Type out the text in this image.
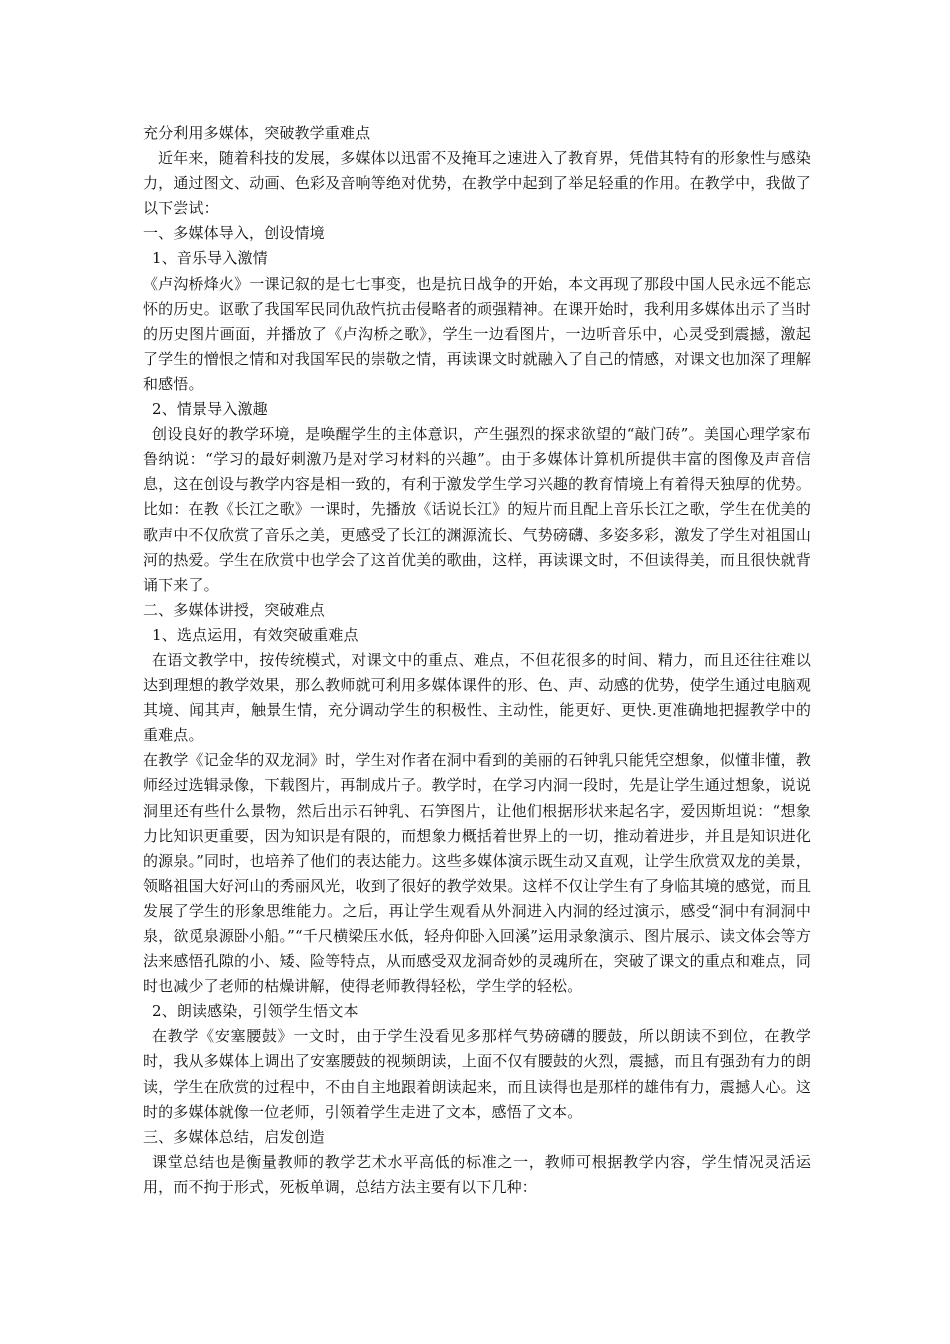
充分利用多媒体，突破教学重难点

近年来，随着科技的发展，多媒体以迅雷不及掩耳之速进入了教育界，凭借其特有的形象性与感染力，通过图文、动画、色彩及音响等绝对优势，在教学中起到了举足轻重的作用。在教学中，我做了以下尝试：

一、多媒体导入，创设情境

1、音乐导入激情

《卢沟桥烽火》一课记叙的是七七事变，也是抗日战争的开始，本文再现了那段中国人民永远不能忘怀的历史。讴歌了我国军民同仇敌忾抗击侵略者的顽强精神。在课开始时，我利用多媒体出示了当时的历史图片画面，并播放了《卢沟桥之歌》，学生一边看图片，一边听音乐中，心灵受到震撼，激起了学生的憎恨之情和对我国军民的崇敬之情，再读课文时就融入了自己的情感，对课文也加深了理解和感悟。

2、情景导入激趣

创设良好的教学环境，是唤醒学生的主体意识，产生强烈的探求欲望的“敲门砖”。美国心理学家布鲁纳说：“学习的最好刺激乃是对学习材料的兴趣”。由于多媒体计算机所提供丰富的图像及声音信息，这在创设与教学内容是相一致的，有利于激发学生学习兴趣的教育情境上有着得天独厚的优势。比如：在教《长江之歌》一课时，先播放《话说长江》的短片而且配上音乐长江之歌，学生在优美的歌声中不仅欣赏了音乐之美，更感受了长江的渊源流长、气势磅礴、多姿多彩，激发了学生对祖国山河的热爱。学生在欣赏中也学会了这首优美的歌曲，这样，再读课文时，不但读得美，而且很快就背诵下来了。

二、多媒体讲授，突破难点

1、选点运用，有效突破重难点

在语文教学中，按传统模式，对课文中的重点、难点，不但花很多的时间、精力，而且还往往难以达到理想的教学效果，那么教师就可利用多媒体课件的形、色、声、动感的优势，使学生通过电脑观其境、闻其声，触景生情，充分调动学生的积极性、主动性，能更好、更快.更准确地把握教学中的重难点。

在教学《记金华的双龙洞》时，学生对作者在洞中看到的美丽的石钟乳只能凭空想象，似懂非懂，教师经过选辑录像，下载图片，再制成片子。教学时，在学习内洞一段时，先是让学生通过想象，说说洞里还有些什么景物，然后出示石钟乳、石笋图片，让他们根据形状来起名字，爱因斯坦说：“想象力比知识更重要，因为知识是有限的，而想象力概括着世界上的一切，推动着进步，并且是知识进化的源泉。”同时，也培养了他们的表达能力。这些多媒体演示既生动又直观，让学生欣赏双龙的美景，领略祖国大好河山的秀丽风光，收到了很好的教学效果。这样不仅让学生有了身临其境的感觉，而且发展了学生的形象思维能力。之后，再让学生观看从外洞进入内洞的经过演示，感受“洞中有洞洞中泉，欲觅泉源卧小船。”“千尺横梁压水低，轻舟仰卧入回溪”运用录象演示、图片展示、读文体会等方法来感悟孔隙的小、矮、险等特点，从而感受双龙洞奇妙的灵魂所在，突破了课文的重点和难点，同时也减少了老师的枯燥讲解，使得老师教得轻松，学生学的轻松。

2、朗读感染，引领学生悟文本

在教学《安塞腰鼓》一文时，由于学生没看见多那样气势磅礴的腰鼓，所以朗读不到位，在教学时，我从多媒体上调出了安塞腰鼓的视频朗读，上面不仅有腰鼓的火烈，震撼，而且有强劲有力的朗读，学生在欣赏的过程中，不由自主地跟着朗读起来，而且读得也是那样的雄伟有力，震撼人心。这时的多媒体就像一位老师，引领着学生走进了文本，感悟了文本。

三、多媒体总结，启发创造

课堂总结也是衡量教师的教学艺术水平高低的标准之一，教师可根据教学内容，学生情况灵活运用，而不拘于形式，死板单调，总结方法主要有以下几种：
